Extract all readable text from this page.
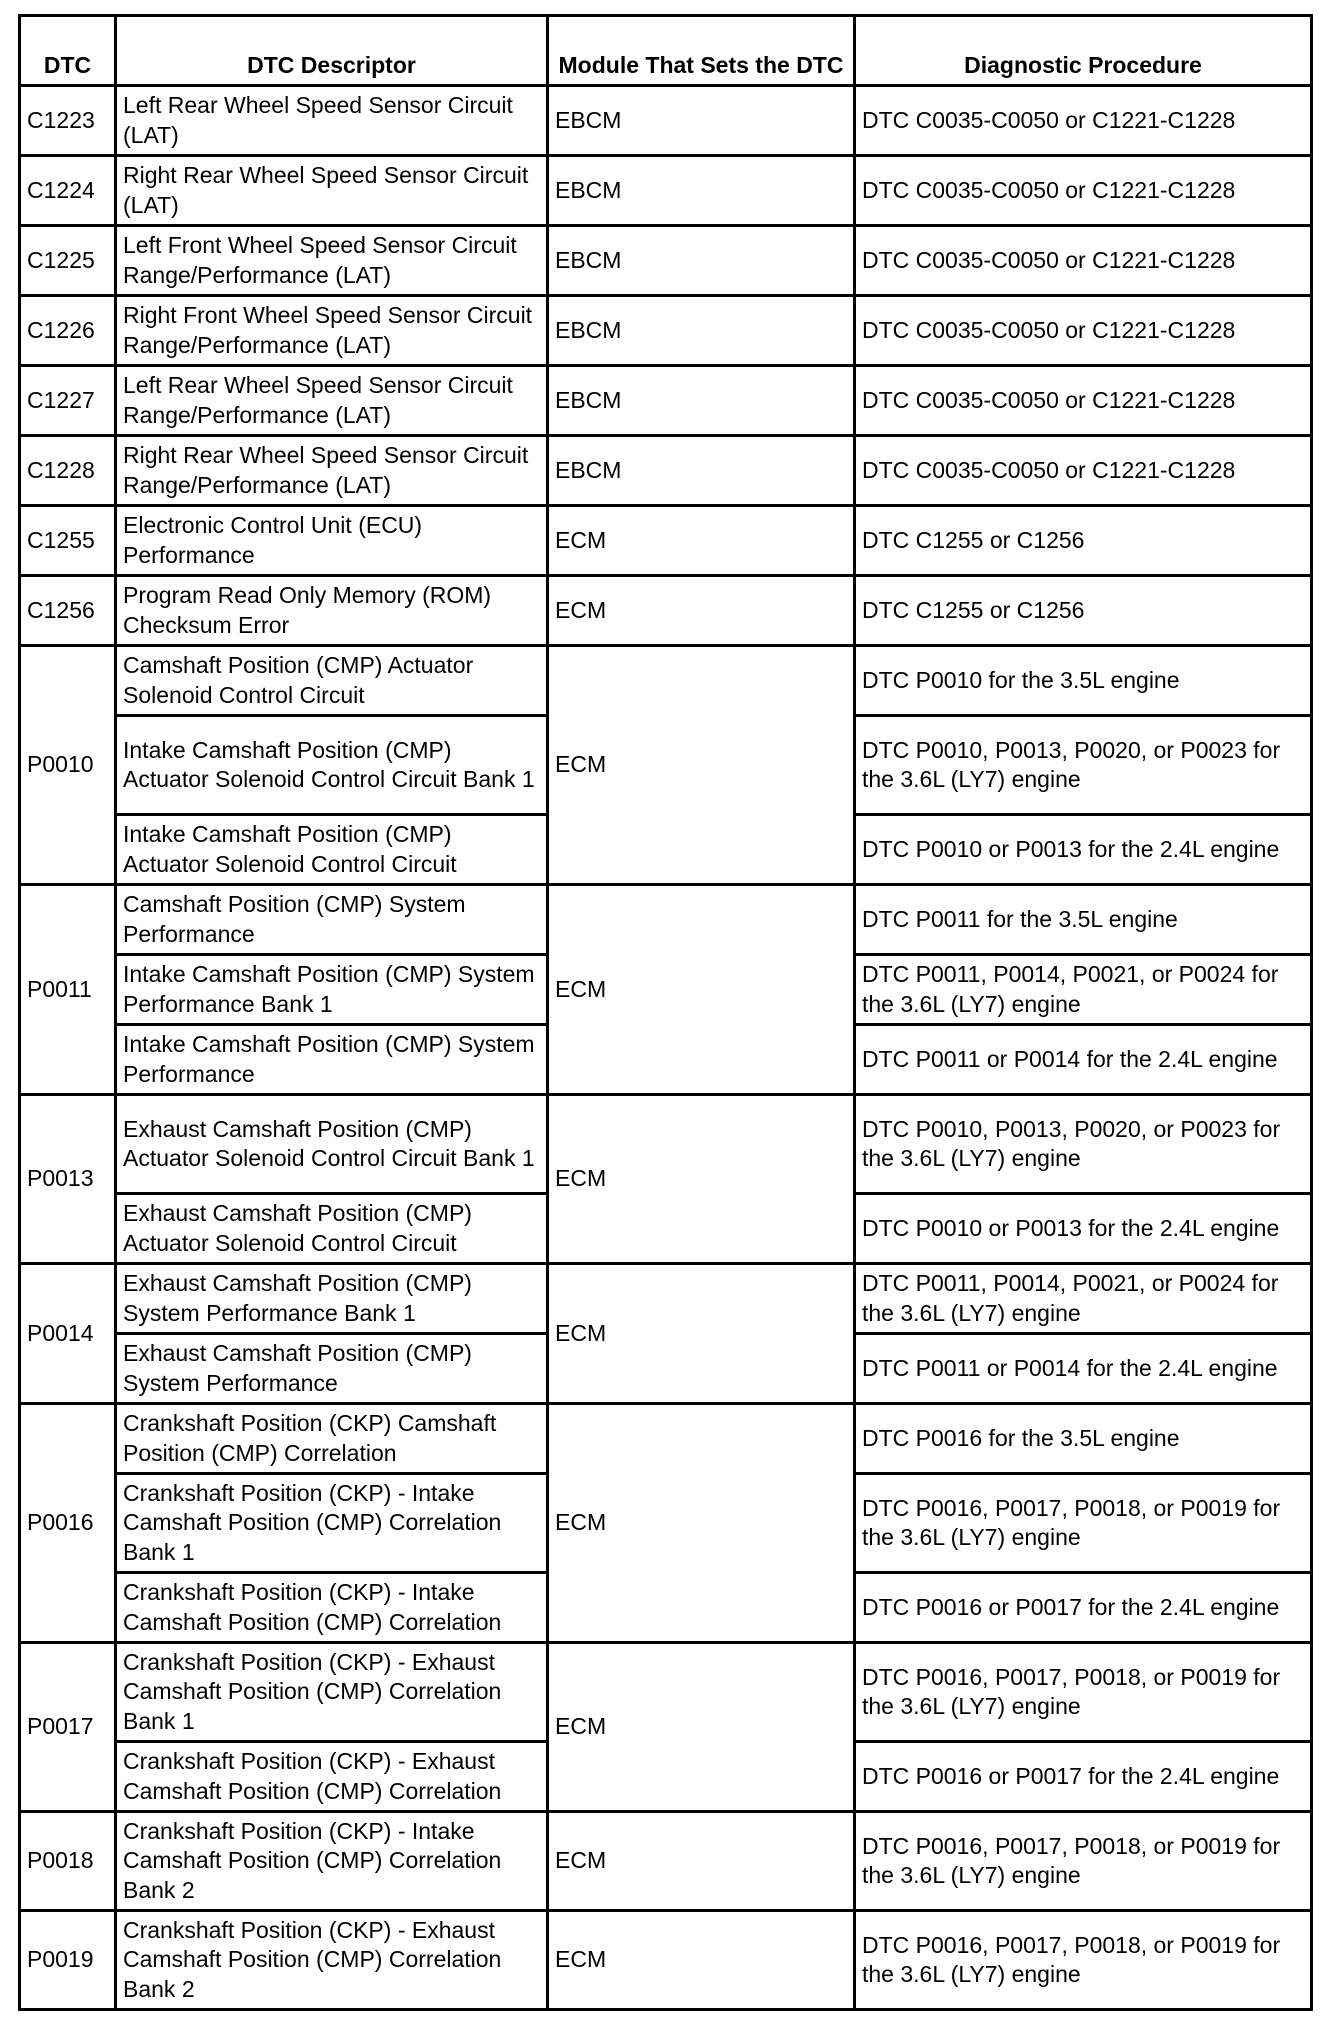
DTC	DTC Descriptor	Module That Sets the DTC	Diagnostic Procedure
C1223	Left Rear Wheel Speed Sensor Circuit (LAT)	EBCM	DTC C0035-C0050 or C1221-C1228
C1224	Right Rear Wheel Speed Sensor Circuit (LAT)	EBCM	DTC C0035-C0050 or C1221-C1228
C1225	Left Front Wheel Speed Sensor Circuit Range/Performance (LAT)	EBCM	DTC C0035-C0050 or C1221-C1228
C1226	Right Front Wheel Speed Sensor Circuit Range/Performance (LAT)	EBCM	DTC C0035-C0050 or C1221-C1228
C1227	Left Rear Wheel Speed Sensor Circuit Range/Performance (LAT)	EBCM	DTC C0035-C0050 or C1221-C1228
C1228	Right Rear Wheel Speed Sensor Circuit Range/Performance (LAT)	EBCM	DTC C0035-C0050 or C1221-C1228
C1255	Electronic Control Unit (ECU) Performance	ECM	DTC C1255 or C1256
C1256	Program Read Only Memory (ROM) Checksum Error	ECM	DTC C1255 or C1256
P0010	Camshaft Position (CMP) Actuator Solenoid Control Circuit	ECM	DTC P0010 for the 3.5L engine
	Intake Camshaft Position (CMP) Actuator Solenoid Control Circuit Bank 1		DTC P0010, P0013, P0020, or P0023 for the 3.6L (LY7) engine
	Intake Camshaft Position (CMP) Actuator Solenoid Control Circuit		DTC P0010 or P0013 for the 2.4L engine
P0011	Camshaft Position (CMP) System Performance	ECM	DTC P0011 for the 3.5L engine
	Intake Camshaft Position (CMP) System Performance Bank 1		DTC P0011, P0014, P0021, or P0024 for the 3.6L (LY7) engine
	Intake Camshaft Position (CMP) System Performance		DTC P0011 or P0014 for the 2.4L engine
P0013	Exhaust Camshaft Position (CMP) Actuator Solenoid Control Circuit Bank 1	ECM	DTC P0010, P0013, P0020, or P0023 for the 3.6L (LY7) engine
	Exhaust Camshaft Position (CMP) Actuator Solenoid Control Circuit		DTC P0010 or P0013 for the 2.4L engine
P0014	Exhaust Camshaft Position (CMP) System Performance Bank 1	ECM	DTC P0011, P0014, P0021, or P0024 for the 3.6L (LY7) engine
	Exhaust Camshaft Position (CMP) System Performance		DTC P0011 or P0014 for the 2.4L engine
P0016	Crankshaft Position (CKP) Camshaft Position (CMP) Correlation	ECM	DTC P0016 for the 3.5L engine
	Crankshaft Position (CKP) - Intake Camshaft Position (CMP) Correlation Bank 1		DTC P0016, P0017, P0018, or P0019 for the 3.6L (LY7) engine
	Crankshaft Position (CKP) - Intake Camshaft Position (CMP) Correlation		DTC P0016 or P0017 for the 2.4L engine
P0017	Crankshaft Position (CKP) - Exhaust Camshaft Position (CMP) Correlation Bank 1	ECM	DTC P0016, P0017, P0018, or P0019 for the 3.6L (LY7) engine
	Crankshaft Position (CKP) - Exhaust Camshaft Position (CMP) Correlation		DTC P0016 or P0017 for the 2.4L engine
P0018	Crankshaft Position (CKP) - Intake Camshaft Position (CMP) Correlation Bank 2	ECM	DTC P0016, P0017, P0018, or P0019 for the 3.6L (LY7) engine
P0019	Crankshaft Position (CKP) - Exhaust Camshaft Position (CMP) Correlation Bank 2	ECM	DTC P0016, P0017, P0018, or P0019 for the 3.6L (LY7) engine
